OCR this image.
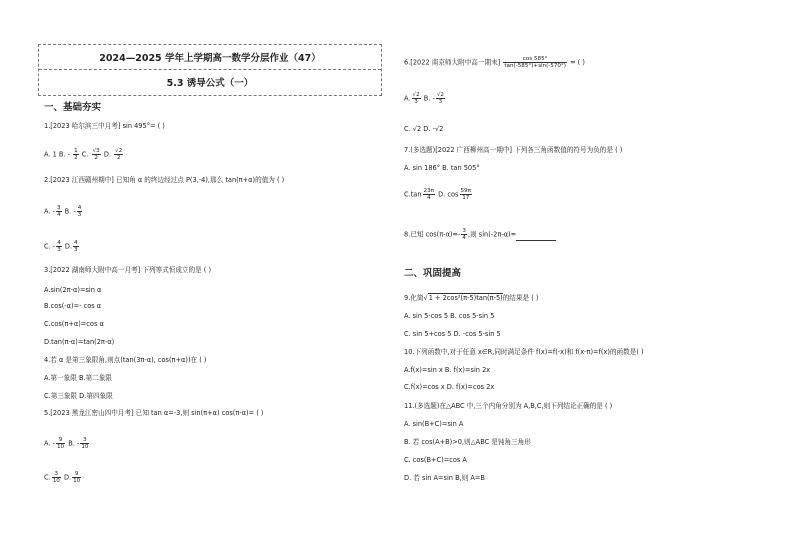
2024—2025 学年上学期高一数学分层作业（47）
5.3 诱导公式（一）
一、基础夯实
1.[2023 哈尔滨三中月考] sin 495°= ( )
A. 1 B. - $\frac{1}{2} C$. $\frac{√3}{2} D$. $\frac{√2}{2}$
2.[2023 江西赣州期中] 已知角 α 的终边经过点 P(3,-4),那么 tan(π+α)的值为 ( )
A. - $\frac{3}{4} B$. - $\frac{4}{3}$
C. - $\frac{4}{3} D$. $\frac{4}{3}$
3.[2022 湖南师大附中高一月考] 下列等式恒成立的是 ( )
A.sin(2π-α)=sin α
B.cos(-α)=- cos α
C.cos(π+α)=cos α
D.tan(π-α)=tan(2π-α)
4.若 α 是第三象限角,则点(tan(3π-α), cos(π+α))在 ( )
A.第一象限 B.第二象限
C.第三象限 D.第四象限
5.[2023 黑龙江密山四中月考] 已知 tan α=-3,则 sin(π+α) cos(π-α)= ( )
A. - $\frac{9}{10} B$. - $\frac{3}{10}$
C. $\frac{3}{10} D$. $\frac{9}{10}$
6.[2022 南京师大附中高一期末] $\frac{\cos 585^\circ}{\tan(-585^\circ)+\sin(-570^\circ)}$ = ( )
A. $\frac{√2}{3} B$. - $\frac{√2}{3}$
C. √2 D. -√2
7.(多选题)[2022 广西柳州高一期中] 下列各三角函数值的符号为负的是 ( )
A. sin 186° B. tan 505°
$C.\tan \frac{23\pi}{4} D$. $\cos \frac{59\pi}{17}$
8.已知 $\cos(\pi-\alpha)=- \frac{3}{4}$ ,则 sin(-2π-α)=
二、巩固提高
9.化简√1 + 2cos²(π-5)tan(π-5)的结果是 ( )
A. sin 5-cos 5 B. cos 5-sin 5
C. sin 5+cos 5 D. -cos 5-sin 5
10.下列函数中,对于任意 x∈R,同时满足条件 f(x)=f(-x)和 f(x-π)=f(x)的函数是( )
A.f(x)=sin x B. f(x)=sin 2x
C.f(x)=cos x D. f(x)=cos 2x
11.(多选题)在△ABC 中,三个内角分别为 A,B,C,则下列结论正确的是 ( )
A. sin(B+C)=sin A
B. 若 cos(A+B)>0,则△ABC 是钝角三角形
C. cos(B+C)=cos A
D. 若 sin A=sin B,则 A=B
